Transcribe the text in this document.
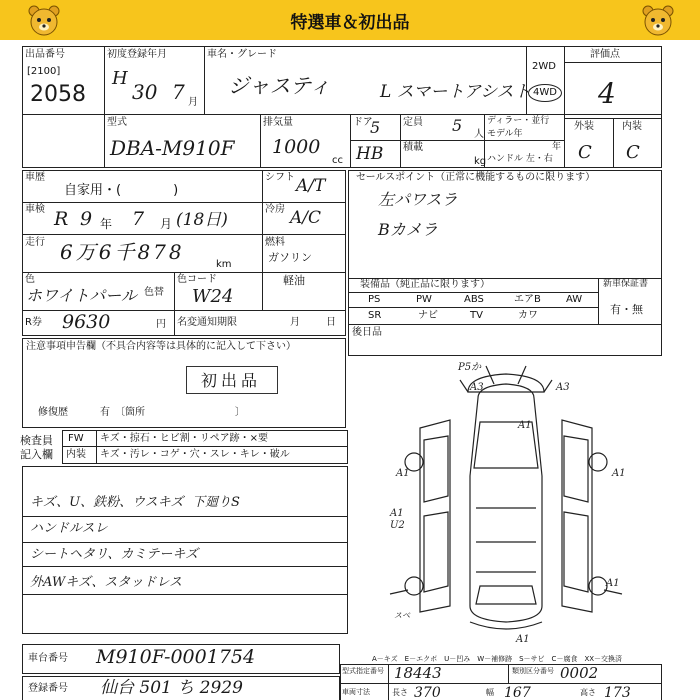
特選車＆初出品
出品番号
[2100]
2058
初度登録年月
H
30 7 月
車名・グレード
ジャスティ	L スマートアシスト
2WD
4WD
評価点
4
外装	内装
C C
型式
DBA-M910F
排気量
1000
cc
ドア
5 定員 5 人
HB 積載
kg
ディラー・並行
モデル年
年
ハンドル 左・右
車歴
自家用・(　　　　)
車検 R 9 年 7 月 (18日)
走行 6万6千878
km
色
ホワイトパール 色替
色コード
W24
R券 9630	円 名変通知期限	月	日
シフト A/T
冷房 A/C
燃料
ガソリン
軽油
セールスポイント（正常に機能するものに限ります）
左パワスラ
Bカメラ
装備品（純正品に限ります）
PS	PW	ABS	エアB	AW
SR	ナビ	TV	カワ
新車保証書
有・無
後日品
注意事項申告欄（不具合内容等は具体的に記入して下さい）
初出品
修復歴	有　〔箇所　　　　　　　　　〕
検査員記入欄
FW キズ・掠石・ヒビ割・リペア跡・×要
内装 キズ・汚レ・コゲ・穴・スレ・キレ・破ル
キズ、U、鉄粉、ウスキズ 下廻りS
ハンドルスレ
シートヘタリ、カミテーキズ
外AWキズ、スタッドレス
P5か
A3	A3
A1
A1
A1
U2
A1
A1
A1
スベ
A－キズ　E－エクボ　U－凹み　W－補修跡　S－サビ　C－腐食　XX－交換済
車台番号 M910F-0001754
登録番号 仙台 501 ち 2929
型式指定番号 18443	類別区分番号 0002
車両寸法	長さ 370	幅 167	高さ 173
